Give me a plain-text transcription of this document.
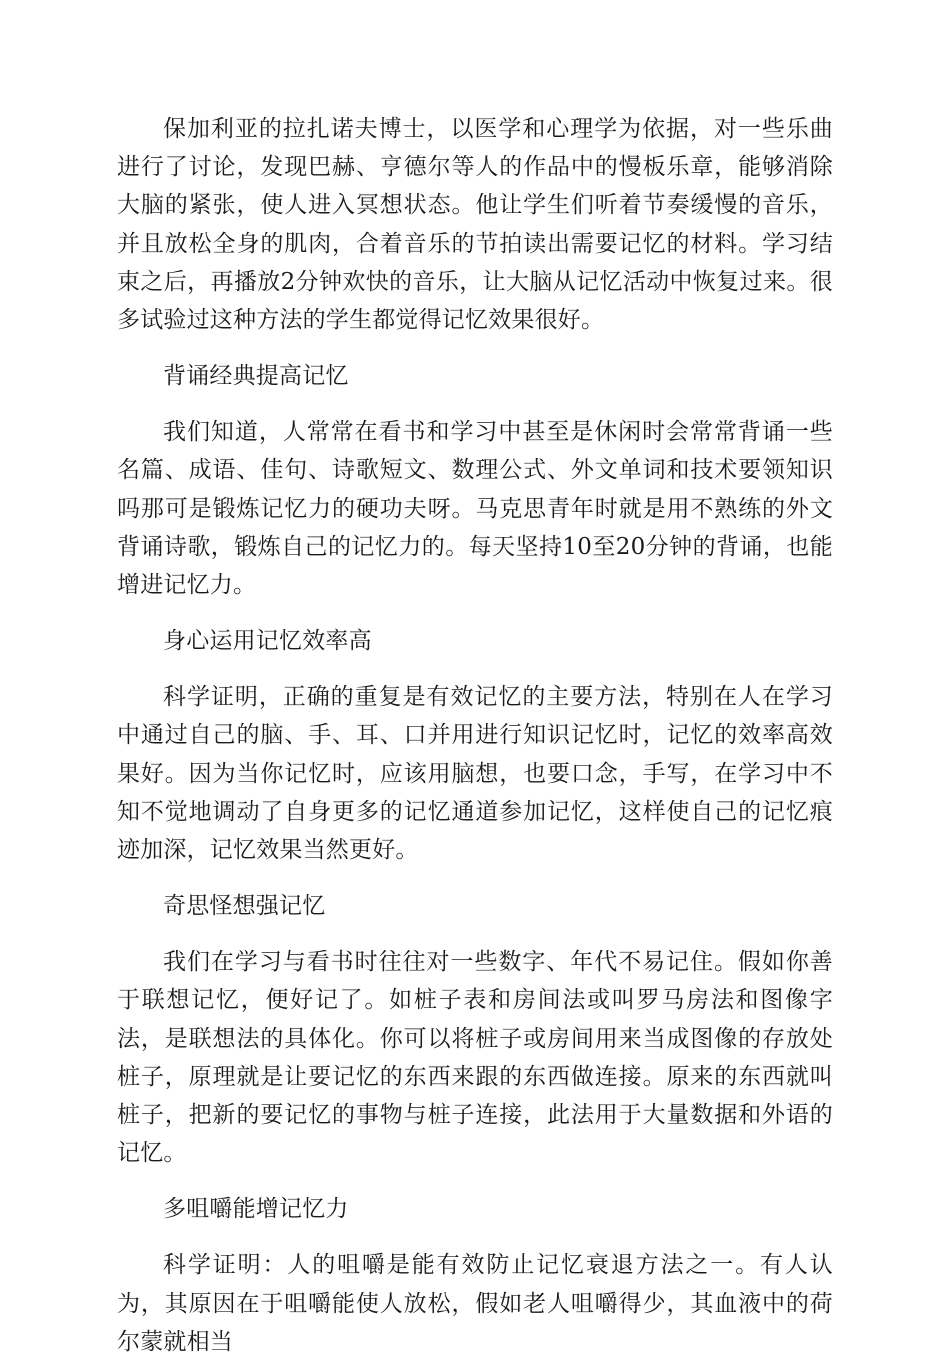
保加利亚的拉扎诺夫博士，以医学和心理学为依据，对一些乐曲进行了讨论，发现巴赫、亨德尔等人的作品中的慢板乐章，能够消除大脑的紧张，使人进入冥想状态。他让学生们听着节奏缓慢的音乐，并且放松全身的肌肉，合着音乐的节拍读出需要记忆的材料。学习结束之后，再播放2分钟欢快的音乐，让大脑从记忆活动中恢复过来。很多试验过这种方法的学生都觉得记忆效果很好。

背诵经典提高记忆

我们知道，人常常在看书和学习中甚至是休闲时会常常背诵一些名篇、成语、佳句、诗歌短文、数理公式、外文单词和技术要领知识吗那可是锻炼记忆力的硬功夫呀。马克思青年时就是用不熟练的外文背诵诗歌，锻炼自己的记忆力的。每天坚持10至20分钟的背诵，也能增进记忆力。

身心运用记忆效率高

科学证明，正确的重复是有效记忆的主要方法，特别在人在学习中通过自己的脑、手、耳、口并用进行知识记忆时，记忆的效率高效果好。因为当你记忆时，应该用脑想，也要口念，手写，在学习中不知不觉地调动了自身更多的记忆通道参加记忆，这样使自己的记忆痕迹加深，记忆效果当然更好。

奇思怪想强记忆

我们在学习与看书时往往对一些数字、年代不易记住。假如你善于联想记忆，便好记了。如桩子表和房间法或叫罗马房法和图像字法，是联想法的具体化。你可以将桩子或房间用来当成图像的存放处桩子，原理就是让要记忆的东西来跟的东西做连接。原来的东西就叫桩子，把新的要记忆的事物与桩子连接，此法用于大量数据和外语的记忆。

多咀嚼能增记忆力

科学证明：人的咀嚼是能有效防止记忆衰退方法之一。有人认为，其原因在于咀嚼能使人放松，假如老人咀嚼得少，其血液中的荷尔蒙就相当
